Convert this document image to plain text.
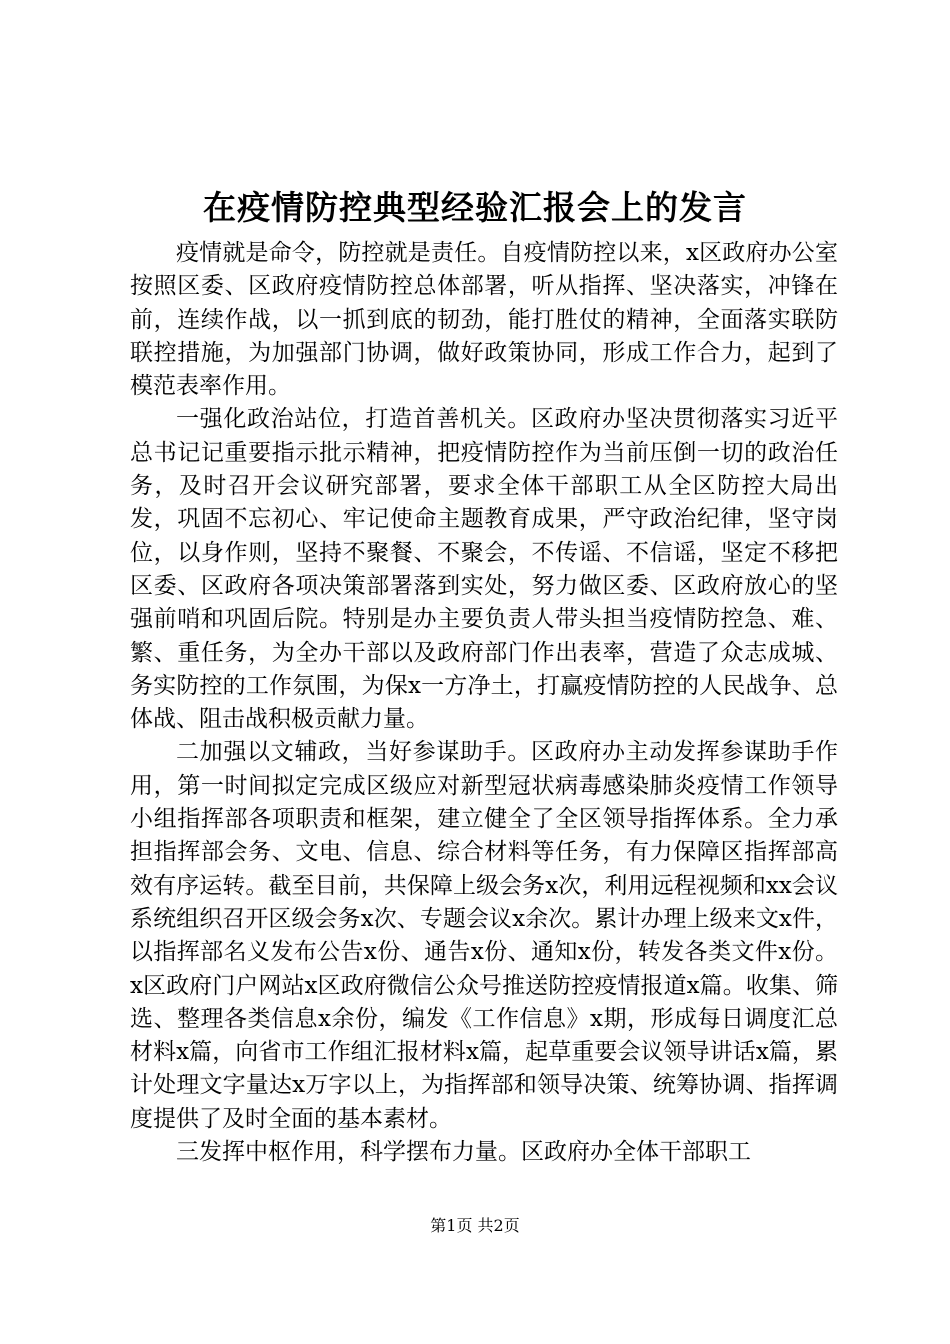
在疫情防控典型经验汇报会上的发言

疫情就是命令，防控就是责任。自疫情防控以来，x区政府办公室按照区委、区政府疫情防控总体部署，听从指挥、坚决落实，冲锋在前，连续作战，以一抓到底的韧劲，能打胜仗的精神，全面落实联防联控措施，为加强部门协调，做好政策协同，形成工作合力，起到了模范表率作用。

一强化政治站位，打造首善机关。区政府办坚决贯彻落实习近平总书记记重要指示批示精神，把疫情防控作为当前压倒一切的政治任务，及时召开会议研究部署，要求全体干部职工从全区防控大局出发，巩固不忘初心、牢记使命主题教育成果，严守政治纪律，坚守岗位，以身作则，坚持不聚餐、不聚会，不传谣、不信谣，坚定不移把区委、区政府各项决策部署落到实处，努力做区委、区政府放心的坚强前哨和巩固后院。特别是办主要负责人带头担当疫情防控急、难、繁、重任务，为全办干部以及政府部门作出表率，营造了众志成城、务实防控的工作氛围，为保x一方净土，打赢疫情防控的人民战争、总体战、阻击战积极贡献力量。

二加强以文辅政，当好参谋助手。区政府办主动发挥参谋助手作用，第一时间拟定完成区级应对新型冠状病毒感染肺炎疫情工作领导小组指挥部各项职责和框架，建立健全了全区领导指挥体系。全力承担指挥部会务、文电、信息、综合材料等任务，有力保障区指挥部高效有序运转。截至目前，共保障上级会务x次，利用远程视频和xx会议系统组织召开区级会务x次、专题会议x余次。累计办理上级来文x件，以指挥部名义发布公告x份、通告x份、通知x份，转发各类文件x份。x区政府门户网站x区政府微信公众号推送防控疫情报道x篇。收集、筛选、整理各类信息x余份，编发《工作信息》x期，形成每日调度汇总材料x篇，向省市工作组汇报材料x篇，起草重要会议领导讲话x篇，累计处理文字量达x万字以上，为指挥部和领导决策、统筹协调、指挥调度提供了及时全面的基本素材。

三发挥中枢作用，科学摆布力量。区政府办全体干部职工

第1页 共2页
